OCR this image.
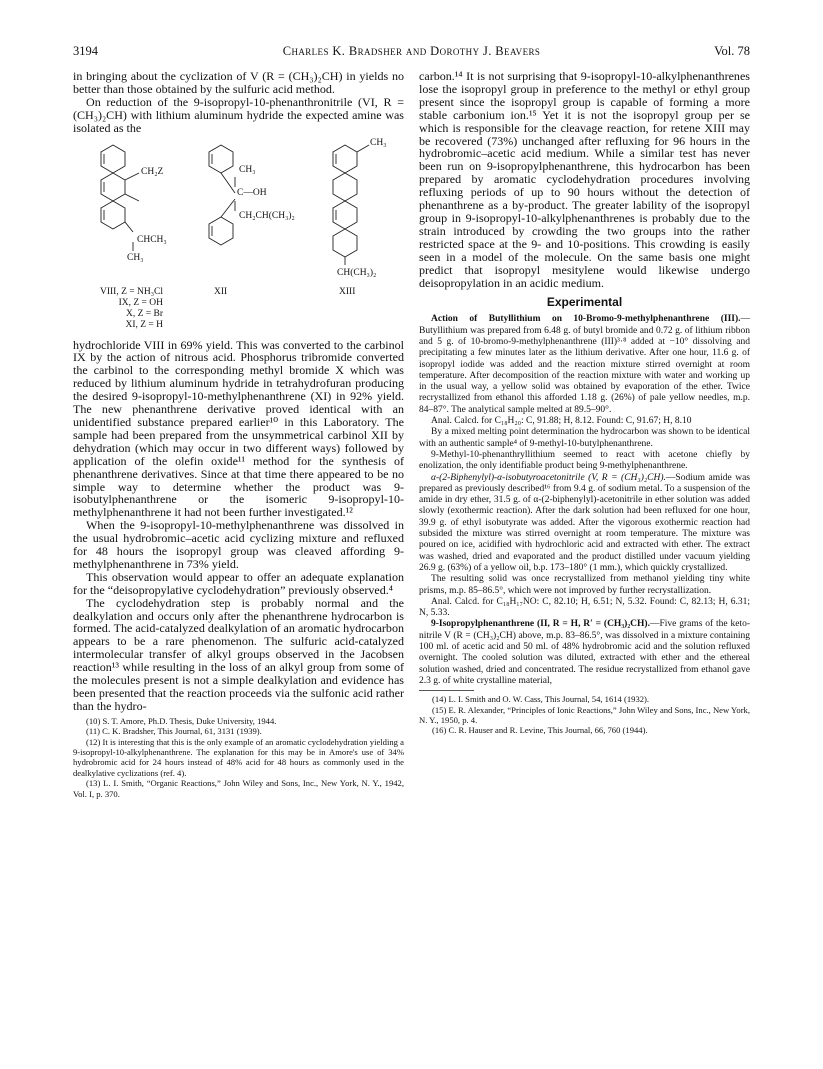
3194	Charles K. Bradsher and Dorothy J. Beavers	Vol. 78

in bringing about the cyclization of V (R = (CH₃)₂CH) in yields no better than those obtained by the sulfuric acid method.

On reduction of the 9-isopropyl-10-phenanthronitrile (VI, R = (CH₃)₂CH) with lithium aluminum hydride the expected amine was isolated as the

CH₂Z
CHCH₃
CH₃
CH₃
C—OH
CH₂CH(CH₃)₂
CH₃
CH(CH₃)₂
VIII, Z = NH₃Cl
IX, Z = OH
X, Z = Br
XI, Z = H
XII	XIII

hydrochloride VIII in 69% yield. This was converted to the carbinol IX by the action of nitrous acid. Phosphorus tribromide converted the carbinol to the corresponding methyl bromide X which was reduced by lithium aluminum hydride in tetrahydrofuran producing the desired 9-isopropyl-10-methylphenanthrene (XI) in 92% yield. The new phenanthrene derivative proved identical with an unidentified substance prepared earlier¹⁰ in this Laboratory. The sample had been prepared from the unsymmetrical carbinol XII by dehydration (which may occur in two different ways) followed by application of the olefin oxide¹¹ method for the synthesis of phenanthrene derivatives. Since at that time there appeared to be no simple way to determine whether the product was 9-isobutylphenanthrene or the isomeric 9-isopropyl-10-methylphenanthrene it had not been further investigated.¹²

When the 9-isopropyl-10-methylphenanthrene was dissolved in the usual hydrobromic–acetic acid cyclizing mixture and refluxed for 48 hours the isopropyl group was cleaved affording 9-methylphenanthrene in 73% yield.

This observation would appear to offer an adequate explanation for the “deisopropylative cyclodehydration” previously observed.⁴

The cyclodehydration step is probably normal and the dealkylation and occurs only after the phenanthrene hydrocarbon is formed. The acid-catalyzed dealkylation of an aromatic hydrocarbon appears to be a rare phenomenon. The sulfuric acid-catalyzed intermolecular transfer of alkyl groups observed in the Jacobsen reaction¹³ while resulting in the loss of an alkyl group from some of the molecules present is not a simple dealkylation and evidence has been presented that the reaction proceeds via the sulfonic acid rather than the hydro-

(10) S. T. Amore, Ph.D. Thesis, Duke University, 1944.

(11) C. K. Bradsher, This Journal, 61, 3131 (1939).

(12) It is interesting that this is the only example of an aromatic cyclodehydration yielding a 9-isopropyl-10-alkylphenanthrene. The explanation for this may be in Amore's use of 34% hydrobromic acid for 24 hours instead of 48% acid for 48 hours as commonly used in the dealkylative cyclizations (ref. 4).

(13) L. I. Smith, “Organic Reactions,” John Wiley and Sons, Inc., New York, N. Y., 1942, Vol. I, p. 370.

carbon.¹⁴ It is not surprising that 9-isopropyl-10-alkylphenanthrenes lose the isopropyl group in preference to the methyl or ethyl group present since the isopropyl group is capable of forming a more stable carbonium ion.¹⁵ Yet it is not the isopropyl group per se which is responsible for the cleavage reaction, for retene XIII may be recovered (73%) unchanged after refluxing for 96 hours in the hydrobromic–acetic acid medium. While a similar test has never been run on 9-isopropylphenanthrene, this hydrocarbon has been prepared by aromatic cyclodehydration procedures involving refluxing periods of up to 90 hours without the detection of phenanthrene as a by-product. The greater lability of the isopropyl group in 9-isopropyl-10-alkylphenanthrenes is probably due to the strain introduced by crowding the two groups into the rather restricted space at the 9- and 10-positions. This crowding is easily seen in a model of the molecule. On the same basis one might predict that isopropyl mesitylene would likewise undergo deisopropylation in an acidic medium.

Experimental

Action of Butyllithium on 10-Bromo-9-methylphenanthrene (III).—Butyllithium was prepared from 6.48 g. of butyl bromide and 0.72 g. of lithium ribbon and 5 g. of 10-bromo-9-methylphenanthrene (III)³·⁸ added at −10° dissolving and precipitating a few minutes later as the lithium derivative. After one hour, 11.6 g. of isopropyl iodide was added and the reaction mixture stirred overnight at room temperature. After decomposition of the reaction mixture with water and working up in the usual way, a yellow solid was obtained by evaporation of the ether. Twice recrystallized from ethanol this afforded 1.18 g. (26%) of pale yellow needles, m.p. 84–87°. The analytical sample melted at 89.5–90°.

Anal. Calcd. for C₁₈H₂₀: C, 91.88; H, 8.12. Found: C, 91.67; H, 8.10

By a mixed melting point determination the hydrocarbon was shown to be identical with an authentic sample⁴ of 9-methyl-10-butylphenanthrene.

9-Methyl-10-phenanthryllithium seemed to react with acetone chiefly by enolization, the only identifiable product being 9-methylphenanthrene.

α-(2-Biphenylyl)-α-isobutyroacetonitrile (V, R = (CH₃)₂CH).—Sodium amide was prepared as previously described¹⁶ from 9.4 g. of sodium metal. To a suspension of the amide in dry ether, 31.5 g. of α-(2-biphenylyl)-acetonitrile in ether solution was added slowly (exothermic reaction). After the dark solution had been refluxed for one hour, 39.9 g. of ethyl isobutyrate was added. After the vigorous exothermic reaction had subsided the mixture was stirred overnight at room temperature. The mixture was poured on ice, acidified with hydrochloric acid and extracted with ether. The extract was washed, dried and evaporated and the product distilled under vacuum yielding 26.9 g. (63%) of a yellow oil, b.p. 173–180° (1 mm.), which quickly crystallized.

The resulting solid was once recrystallized from methanol yielding tiny white prisms, m.p. 85–86.5°, which were not improved by further recrystallization.

Anal. Calcd. for C₁₈H₁₇NO: C, 82.10; H, 6.51; N, 5.32. Found: C, 82.13; H, 6.31; N, 5.33.

9-Isopropylphenanthrene (II, R = H, R′ = (CH₃)₂CH).—Five grams of the keto-nitrile V (R = (CH₃)₂CH) above, m.p. 83–86.5°, was dissolved in a mixture containing 100 ml. of acetic acid and 50 ml. of 48% hydrobromic acid and the solution refluxed overnight. The cooled solution was diluted, extracted with ether and the ethereal solution washed, dried and concentrated. The residue recrystallized from ethanol gave 2.3 g. of white crystalline material,

(14) L. I. Smith and O. W. Cass, This Journal, 54, 1614 (1932).

(15) E. R. Alexander, “Principles of Ionic Reactions,” John Wiley and Sons, Inc., New York, N. Y., 1950, p. 4.

(16) C. R. Hauser and R. Levine, This Journal, 66, 760 (1944).
